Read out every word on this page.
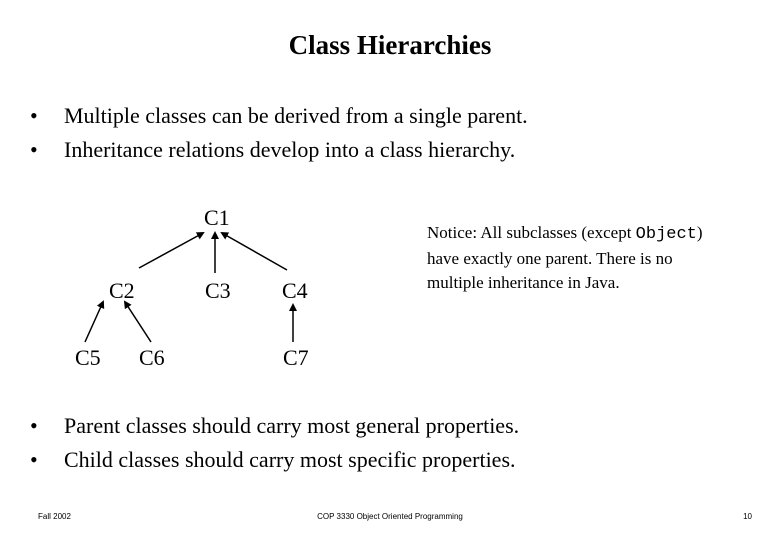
Class Hierarchies
• Multiple classes can be derived from a single parent.
• Inheritance relations develop into a class hierarchy.
C1
C2	C3 C4
C5 C6	C7
Notice: All subclasses (except Object) have exactly one parent. There is no multiple inheritance in Java.
• Parent classes should carry most general properties.
• Child classes should carry most specific properties.
Fall 2002	COP 3330 Object Oriented Programming	10
